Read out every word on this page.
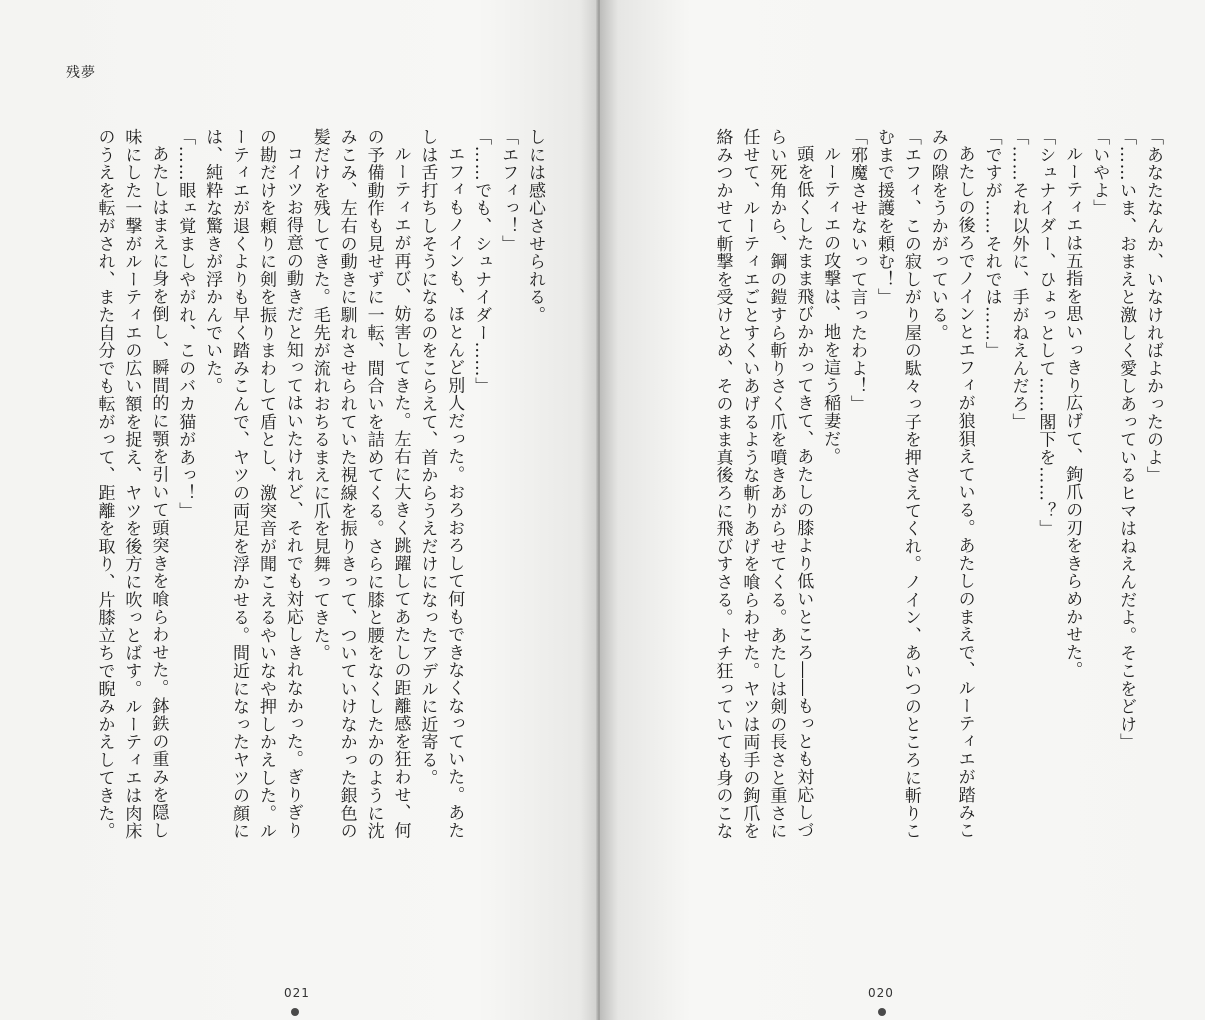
残夢
しには感心させられる。
「エフィっ！」
「……でも、シュナイダー……」
エフィもノインも、ほとんど別人だった。おろおろして何もできなくなっていた。あた
しは舌打ちしそうになるのをこらえて、首からうえだけになったアデルに近寄る。
ルーティエが再び、妨害してきた。左右に大きく跳躍してあたしの距離感を狂わせ、何
の予備動作も見せずに一転、間合いを詰めてくる。さらに膝と腰をなくしたかのように沈
みこみ、左右の動きに馴れさせられていた視線を振りきって、ついていけなかった銀色の
髪だけを残してきた。毛先が流れおちるまえに爪を見舞ってきた。
コイツお得意の動きだと知ってはいたけれど、それでも対応しきれなかった。ぎりぎり
の勘だけを頼りに剣を振りまわして盾とし、激突音が聞こえるやいなや押しかえした。ル
ーティエが退くよりも早く踏みこんで、ヤツの両足を浮かせる。間近になったヤツの顔に
は、純粋な驚きが浮かんでいた。
「……眼ェ覚ましやがれ、このバカ猫があっ！」
あたしはまえに身を倒し、瞬間的に顎を引いて頭突きを喰らわせた。鉢鉄の重みを隠し
味にした一撃がルーティエの広い額を捉え、ヤツを後方に吹っとばす。ルーティエは肉床
のうえを転がされ、また自分でも転がって、距離を取り、片膝立ちで睨みかえしてきた。
021
「あなたなんか、いなければよかったのよ」
「……いま、おまえと激しく愛しあっているヒマはねえんだよ。そこをどけ」
「いやよ」
ルーティエは五指を思いっきり広げて、鉤爪の刃をきらめかせた。
「シュナイダー、ひょっとして……閣下を……？」
「……それ以外に、手がねえんだろ」
「ですが……それでは……」
あたしの後ろでノインとエフィが狼狽えている。あたしのまえで、ルーティエが踏みこ
みの隙をうかがっている。
「エフィ、この寂しがり屋の駄々っ子を押さえてくれ。ノイン、あいつのところに斬りこ
むまで援護を頼む！」
「邪魔させないって言ったわよ！」
ルーティエの攻撃は、地を這う稲妻だ。
頭を低くしたまま飛びかかってきて、あたしの膝より低いところ――もっとも対応しづ
らい死角から、鋼の鎧すら斬りさく爪を噴きあがらせてくる。あたしは剣の長さと重さに
任せて、ルーティエごとすくいあげるような斬りあげを喰らわせた。ヤツは両手の鉤爪を
絡みつかせて斬撃を受けとめ、そのまま真後ろに飛びすさる。トチ狂っていても身のこな
020
